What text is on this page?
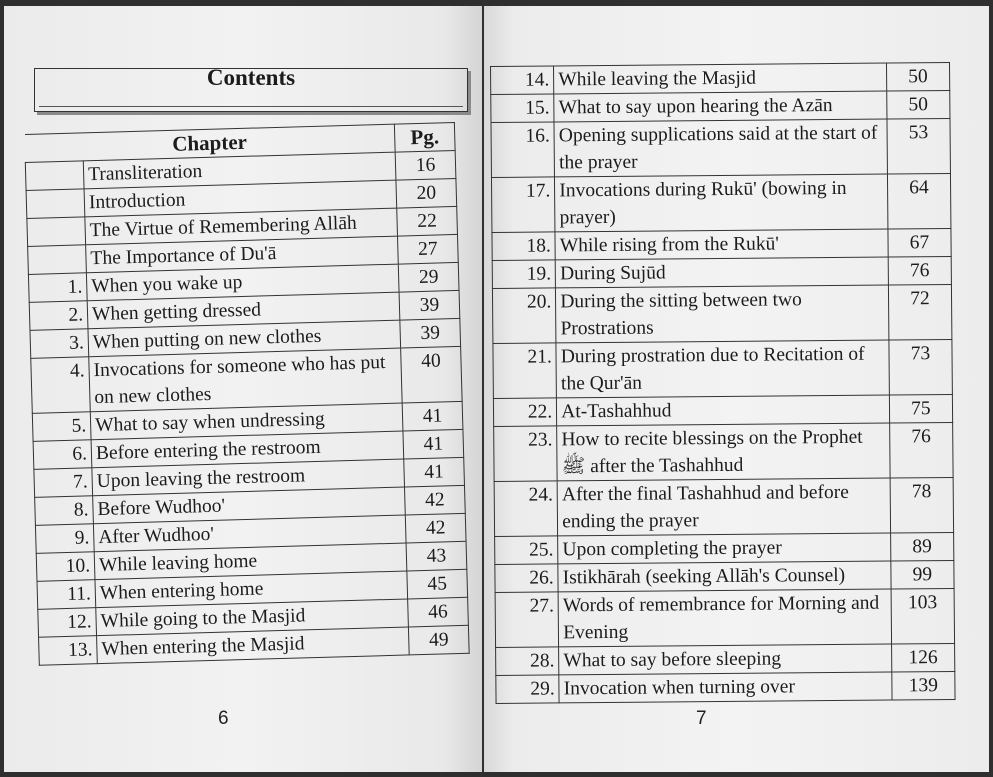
Contents
Chapter		Pg.
	Transliteration	16
	Introduction	20
	The Virtue of Remembering Allāh	22
	The Importance of Du'ā	27
1.	When you wake up	29
2.	When getting dressed	39
3.	When putting on new clothes	39
4.	Invocations for someone who has put on new clothes	40
5.	What to say when undressing	41
6.	Before entering the restroom	41
7.	Upon leaving the restroom	41
8.	Before Wudhoo'	42
9.	After Wudhoo'	42
10.	While leaving home	43
11.	When entering home	45
12.	While going to the Masjid	46
13.	When entering the Masjid	49
6
14.	While leaving the Masjid	50
15.	What to say upon hearing the Azān	50
16.	Opening supplications said at the start of the prayer	53
17.	Invocations during Rukū' (bowing in prayer)	64
18.	While rising from the Rukū'	67
19.	During Sujūd	76
20.	During the sitting between two Prostrations	72
21.	During prostration due to Recitation of the Qur'ān	73
22.	At-Tashahhud	75
23.	How to recite blessings on the Prophet ﷺ after the Tashahhud	76
24.	After the final Tashahhud and before ending the prayer	78
25.	Upon completing the prayer	89
26.	Istikhārah (seeking Allāh's Counsel)	99
27.	Words of remembrance for Morning and Evening	103
28.	What to say before sleeping	126
29.	Invocation when turning over	139
7
